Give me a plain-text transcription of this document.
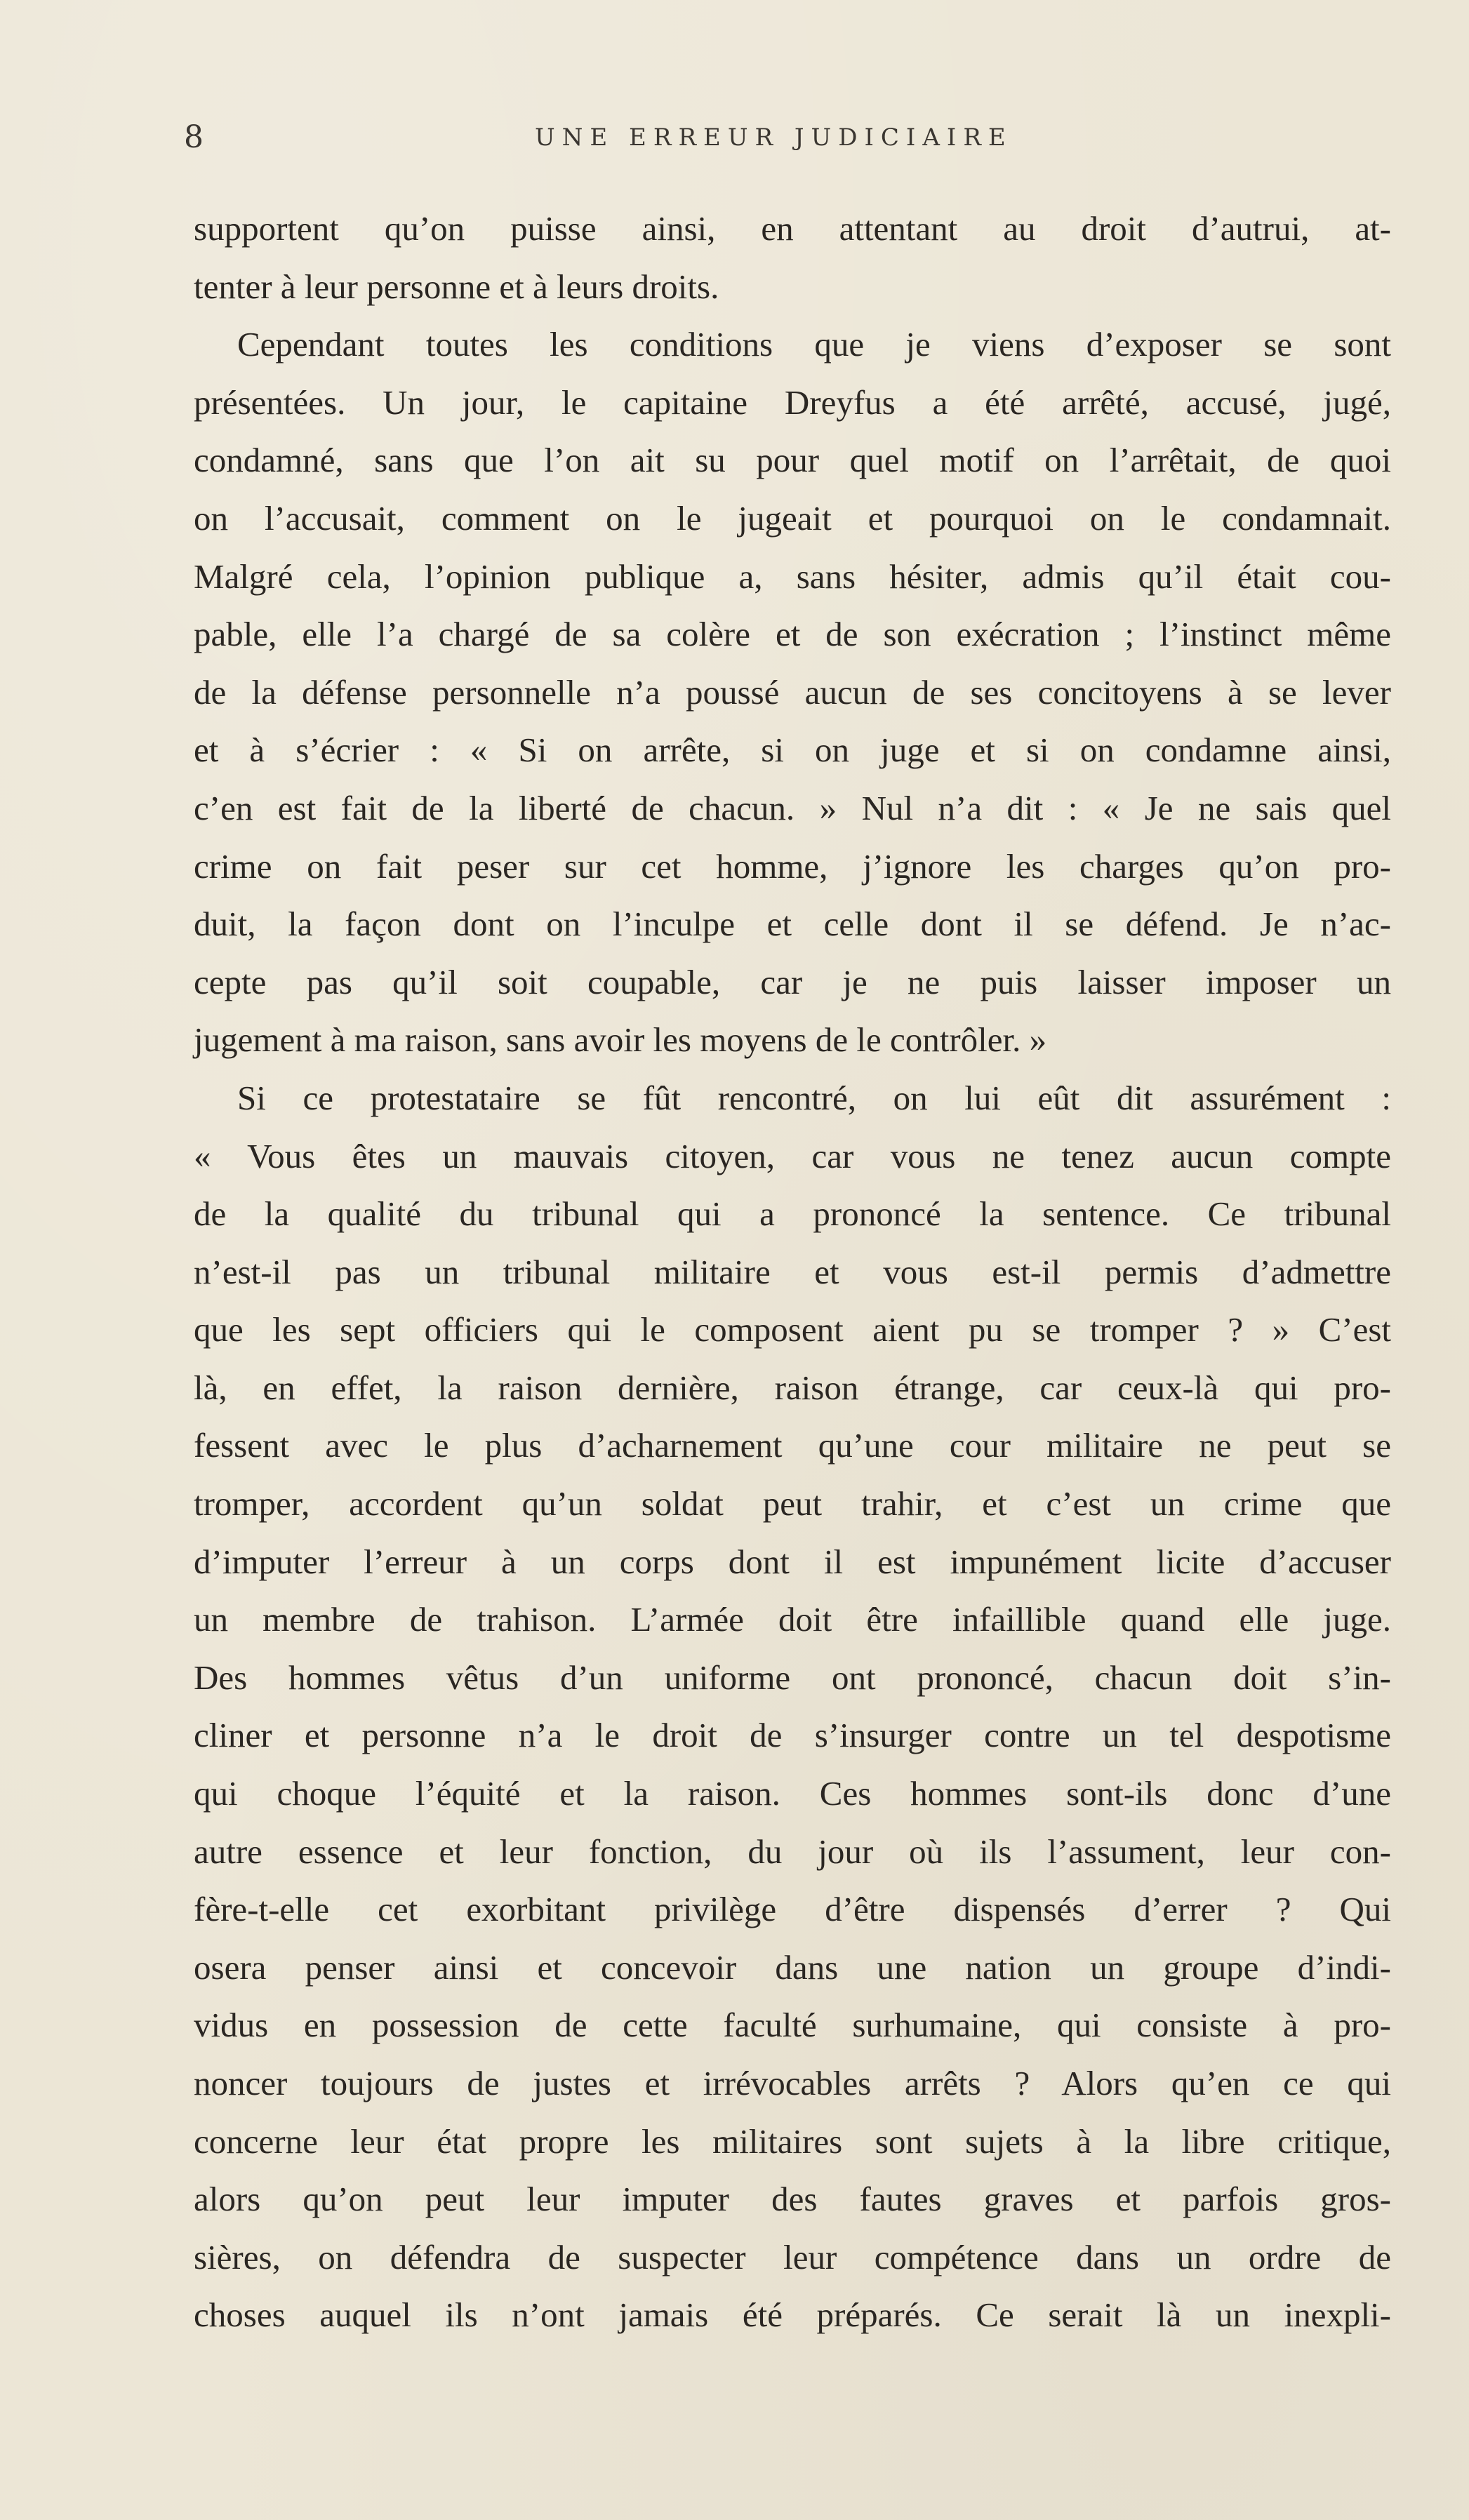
8	UNE ERREUR JUDICIAIRE
supportent qu’on puisse ainsi, en attentant au droit d’autrui, at-
tenter à leur personne et à leurs droits.
Cependant toutes les conditions que je viens d’exposer se sont
présentées. Un jour, le capitaine Dreyfus a été arrêté, accusé, jugé,
condamné, sans que l’on ait su pour quel motif on l’arrêtait, de quoi
on l’accusait, comment on le jugeait et pourquoi on le condamnait.
Malgré cela, l’opinion publique a, sans hésiter, admis qu’il était cou-
pable, elle l’a chargé de sa colère et de son exécration ; l’instinct même
de la défense personnelle n’a poussé aucun de ses concitoyens à se lever
et à s’écrier : « Si on arrête, si on juge et si on condamne ainsi,
c’en est fait de la liberté de chacun. » Nul n’a dit : « Je ne sais quel
crime on fait peser sur cet homme, j’ignore les charges qu’on pro-
duit, la façon dont on l’inculpe et celle dont il se défend. Je n’ac-
cepte pas qu’il soit coupable, car je ne puis laisser imposer un
jugement à ma raison, sans avoir les moyens de le contrôler. »
Si ce protestataire se fût rencontré, on lui eût dit assurément :
« Vous êtes un mauvais citoyen, car vous ne tenez aucun compte
de la qualité du tribunal qui a prononcé la sentence. Ce tribunal
n’est-il pas un tribunal militaire et vous est-il permis d’admettre
que les sept officiers qui le composent aient pu se tromper ? » C’est
là, en effet, la raison dernière, raison étrange, car ceux-là qui pro-
fessent avec le plus d’acharnement qu’une cour militaire ne peut se
tromper, accordent qu’un soldat peut trahir, et c’est un crime que
d’imputer l’erreur à un corps dont il est impunément licite d’accuser
un membre de trahison. L’armée doit être infaillible quand elle juge.
Des hommes vêtus d’un uniforme ont prononcé, chacun doit s’in-
cliner et personne n’a le droit de s’insurger contre un tel despotisme
qui choque l’équité et la raison. Ces hommes sont-ils donc d’une
autre essence et leur fonction, du jour où ils l’assument, leur con-
fère-t-elle cet exorbitant privilège d’être dispensés d’errer ? Qui
osera penser ainsi et concevoir dans une nation un groupe d’indi-
vidus en possession de cette faculté surhumaine, qui consiste à pro-
noncer toujours de justes et irrévocables arrêts ? Alors qu’en ce qui
concerne leur état propre les militaires sont sujets à la libre critique,
alors qu’on peut leur imputer des fautes graves et parfois gros-
sières, on défendra de suspecter leur compétence dans un ordre de
choses auquel ils n’ont jamais été préparés. Ce serait là un inexpli-
